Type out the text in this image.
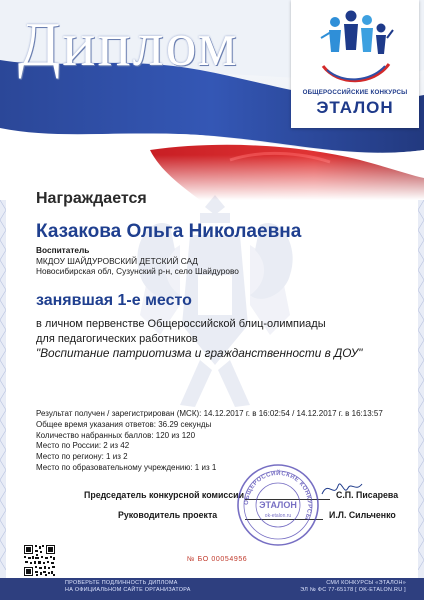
Диплом
ОБЩЕРОССИЙСКИЕ КОНКУРСЫ
ЭТАЛОН
Награждается
Казакова Ольга Николаевна
Воспитатель
МКДОУ ШАЙДУРОВСКИЙ ДЕТСКИЙ САД
Новосибирская обл, Сузунский р-н, село Шайдурово
занявшая 1-е место
в личном первенстве Общероссийской блиц-олимпиады
для педагогических работников
"Воспитание патриотизма и гражданственности в ДОУ"
Результат получен / зарегистрирован (МСК): 14.12.2017 г. в 16:02:54 / 14.12.2017 г. в 16:13:57
Общее время указания ответов: 36.29 секунды
Количество набранных баллов: 120 из 120
Место по России: 2 из 42
Место по региону: 1 из 2
Место по образовательному учреждению: 1 из 1
Председатель конкурсной комиссии	С.П. Писарева
Руководитель проекта	И.Л. Сильченко
ОБЩЕРОССИЙСКИЕ КОНКУРСЫ
ЭТАЛОН
ok-etalon.ru
№ БО 00054956
ПРОВЕРЬТЕ ПОДЛИННОСТЬ ДИПЛОМА
НА ОФИЦИАЛЬНОМ САЙТЕ ОРГАНИЗАТОРА
СМИ КОНКУРСЫ «ЭТАЛОН»
ЭЛ № ФС 77-65178 [ OK-ETALON.RU ]
